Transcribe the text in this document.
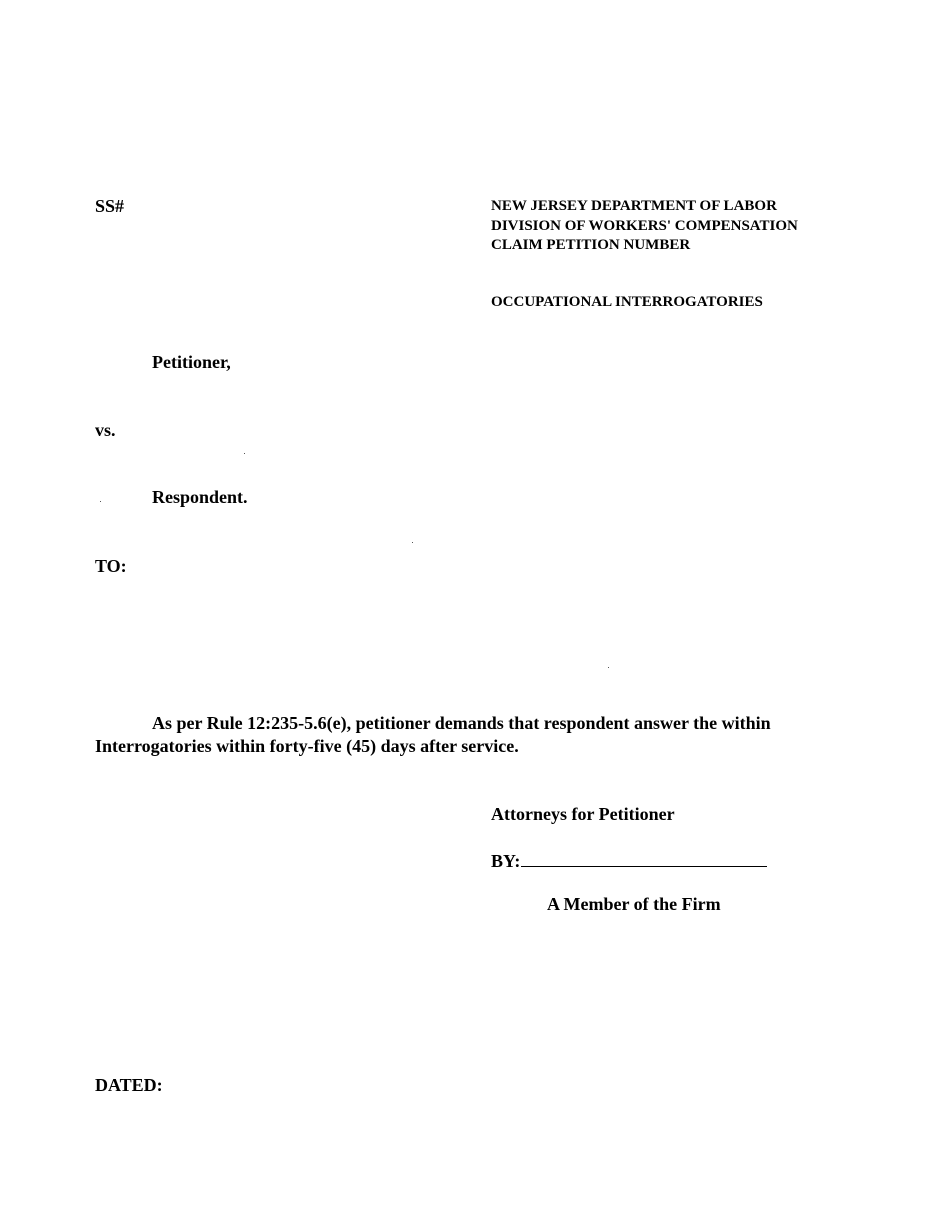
SS#	NEW JERSEY DEPARTMENT OF LABOR
DIVISION OF WORKERS' COMPENSATION
CLAIM PETITION NUMBER
OCCUPATIONAL INTERROGATORIES
Petitioner,
vs.
Respondent.
TO:
As per Rule 12:235-5.6(e), petitioner demands that respondent answer the within
Interrogatories within forty-five (45) days after service.
Attorneys for Petitioner
BY:
A Member of the Firm
DATED:
